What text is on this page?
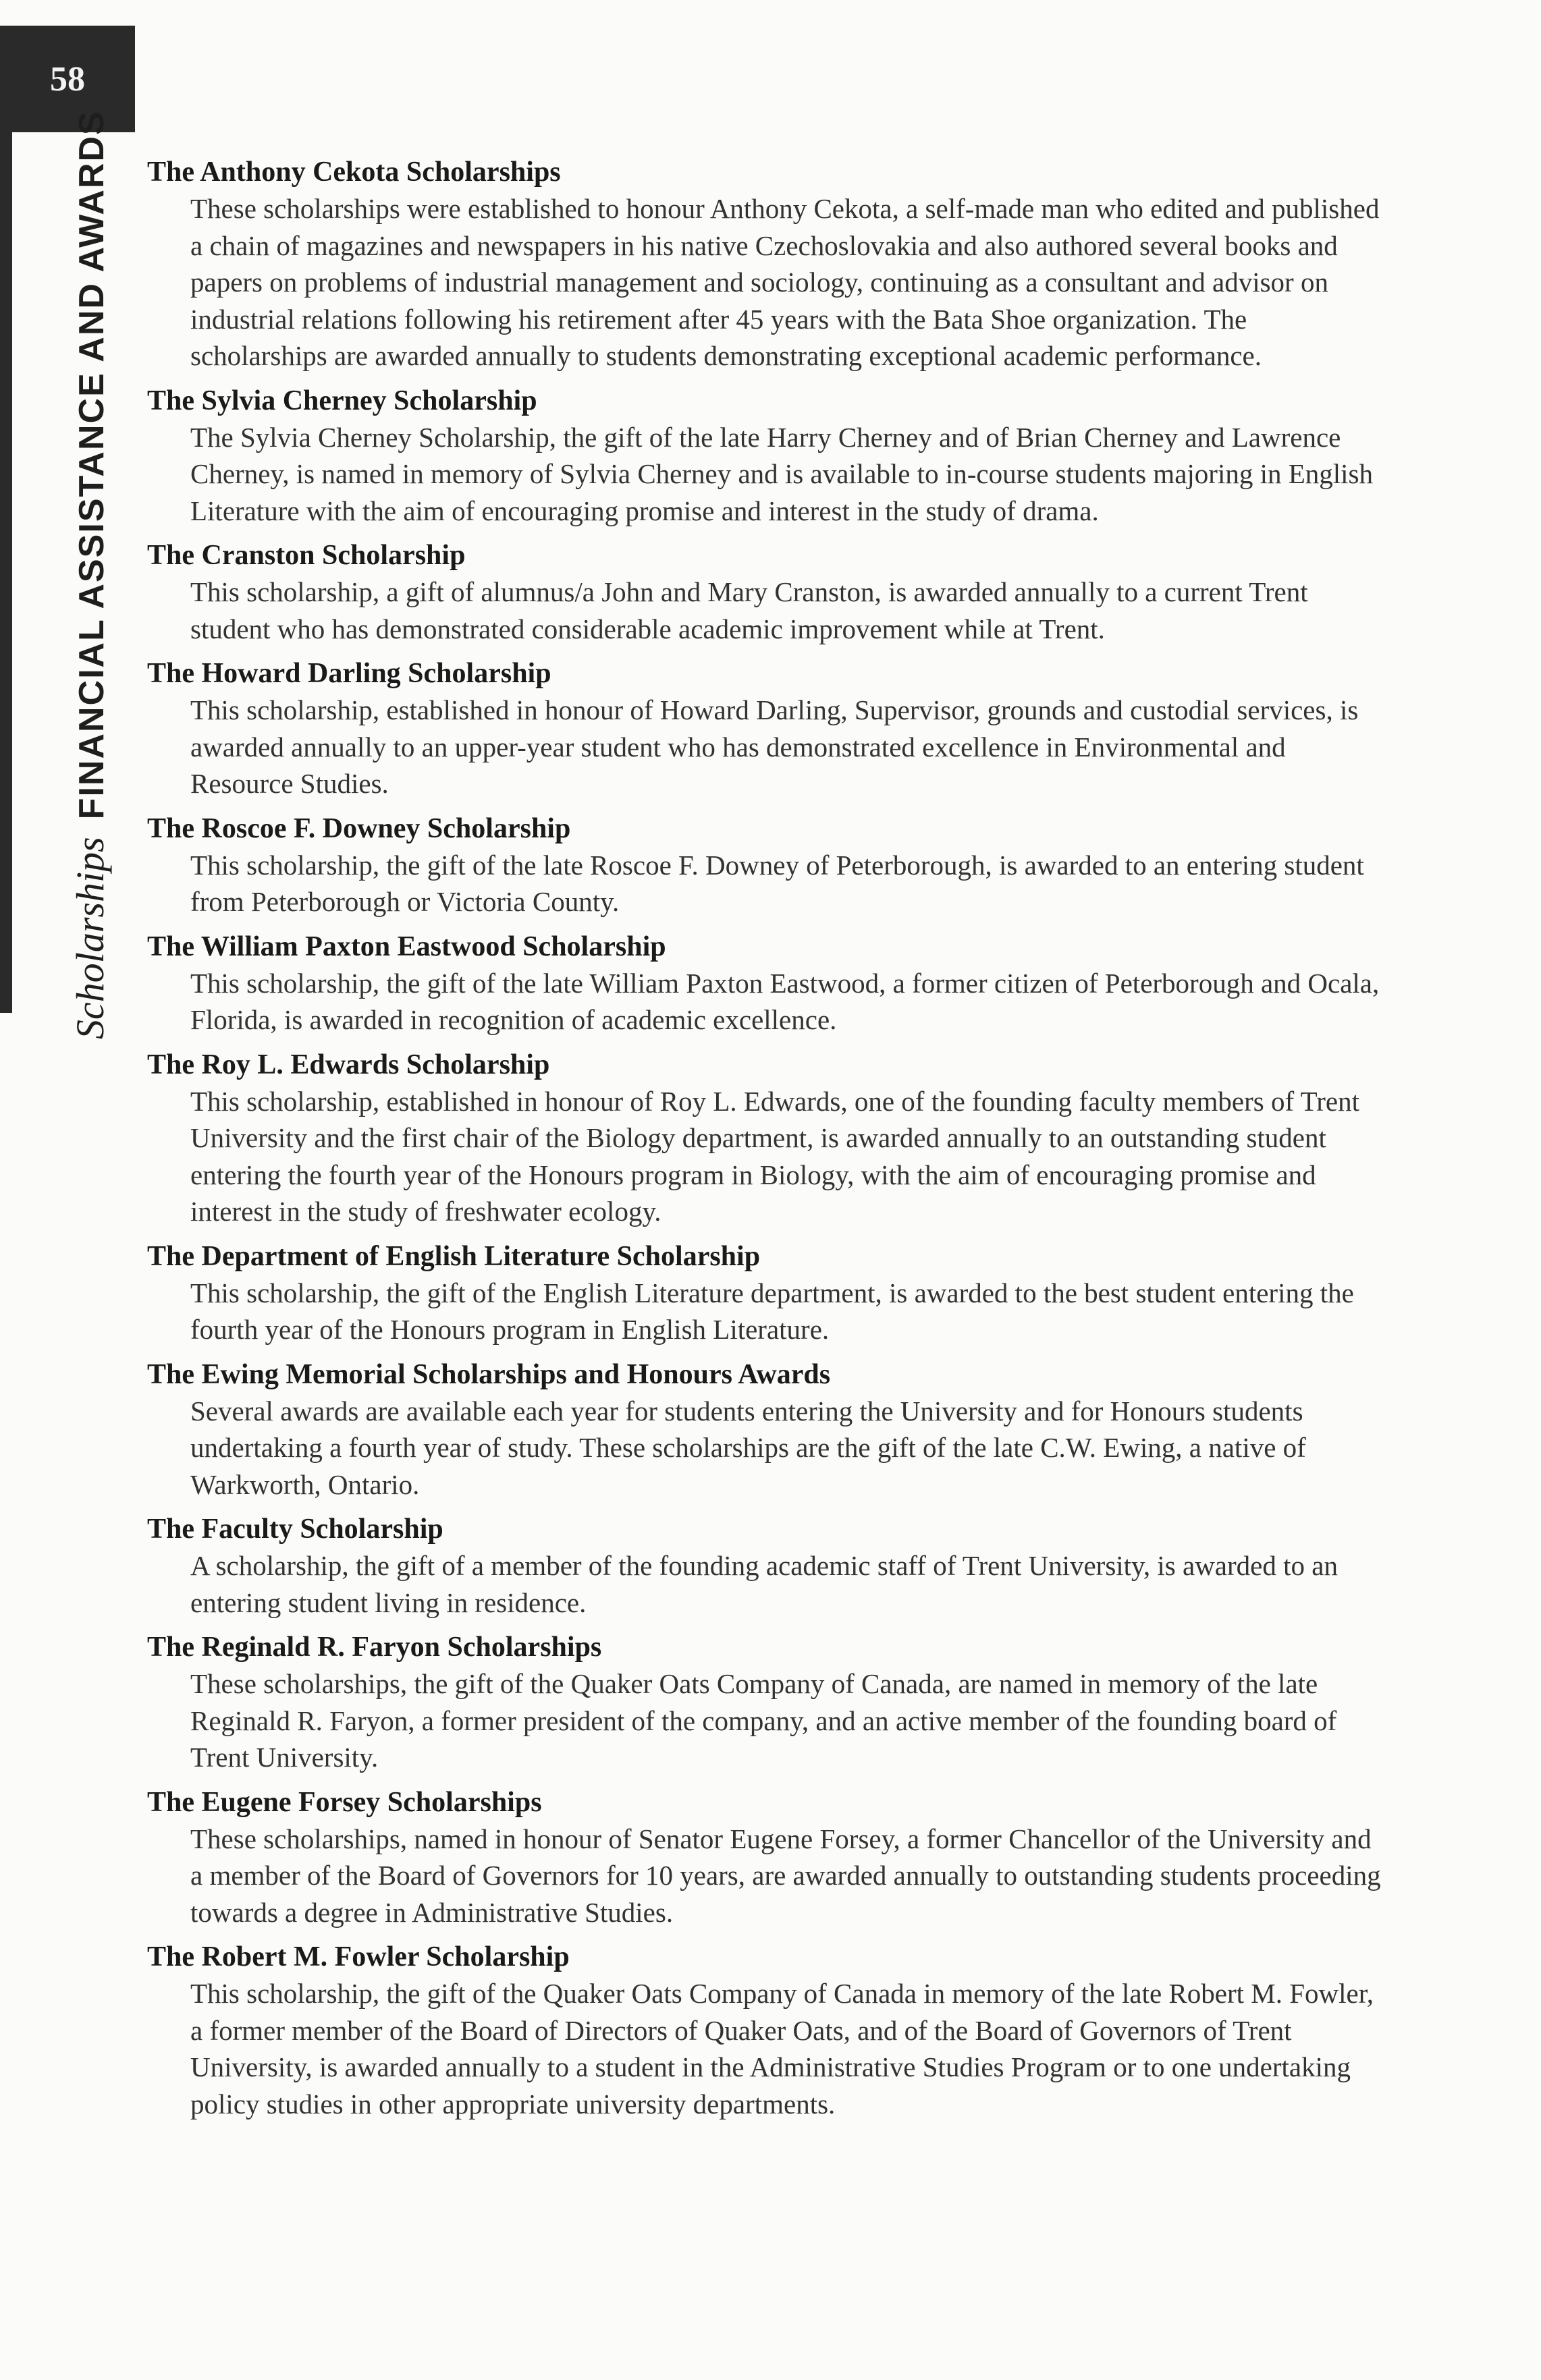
58
ScholarshipsFINANCIAL ASSISTANCE AND AWARDS The Anthony Cekota Scholarships
These scholarships were established to honour Anthony Cekota, a self-made man who edited and published a chain of magazines and newspapers in his native Czechoslovakia and also authored several books and papers on problems of industrial management and sociology, continuing as a consultant and advisor on industrial relations following his retirement after 45 years with the Bata Shoe organization. The scholarships are awarded annually to students demonstrating exceptional academic performance.
The Sylvia Cherney Scholarship
The Sylvia Cherney Scholarship, the gift of the late Harry Cherney and of Brian Cherney and Lawrence Cherney, is named in memory of Sylvia Cherney and is available to in-course students majoring in English Literature with the aim of encouraging promise and interest in the study of drama.
The Cranston Scholarship
This scholarship, a gift of alumnus/a John and Mary Cranston, is awarded annually to a current Trent student who has demonstrated considerable academic improvement while at Trent.
The Howard Darling Scholarship
This scholarship, established in honour of Howard Darling, Supervisor, grounds and custodial services, is awarded annually to an upper-year student who has demonstrated excellence in Environmental and Resource Studies.
The Roscoe F. Downey Scholarship
This scholarship, the gift of the late Roscoe F. Downey of Peterborough, is awarded to an entering student from Peterborough or Victoria County.
The William Paxton Eastwood Scholarship
This scholarship, the gift of the late William Paxton Eastwood, a former citizen of Peterborough and Ocala, Florida, is awarded in recognition of academic excellence.
The Roy L. Edwards Scholarship
This scholarship, established in honour of Roy L. Edwards, one of the founding faculty members of Trent University and the first chair of the Biology department, is awarded annually to an outstanding student entering the fourth year of the Honours program in Biology, with the aim of encouraging promise and interest in the study of freshwater ecology.
The Department of English Literature Scholarship
This scholarship, the gift of the English Literature department, is awarded to the best student entering the fourth year of the Honours program in English Literature.
The Ewing Memorial Scholarships and Honours Awards
Several awards are available each year for students entering the University and for Honours students undertaking a fourth year of study. These scholarships are the gift of the late C.W. Ewing, a native of Warkworth, Ontario.
The Faculty Scholarship
A scholarship, the gift of a member of the founding academic staff of Trent University, is awarded to an entering student living in residence.
The Reginald R. Faryon Scholarships
These scholarships, the gift of the Quaker Oats Company of Canada, are named in memory of the late Reginald R. Faryon, a former president of the company, and an active member of the founding board of Trent University.
The Eugene Forsey Scholarships
These scholarships, named in honour of Senator Eugene Forsey, a former Chancellor of the University and a member of the Board of Governors for 10 years, are awarded annually to outstanding students proceeding towards a degree in Administrative Studies.
The Robert M. Fowler Scholarship
This scholarship, the gift of the Quaker Oats Company of Canada in memory of the late Robert M. Fowler, a former member of the Board of Directors of Quaker Oats, and of the Board of Governors of Trent University, is awarded annually to a student in the Administrative Studies Program or to one undertaking policy studies in other appropriate university departments.
